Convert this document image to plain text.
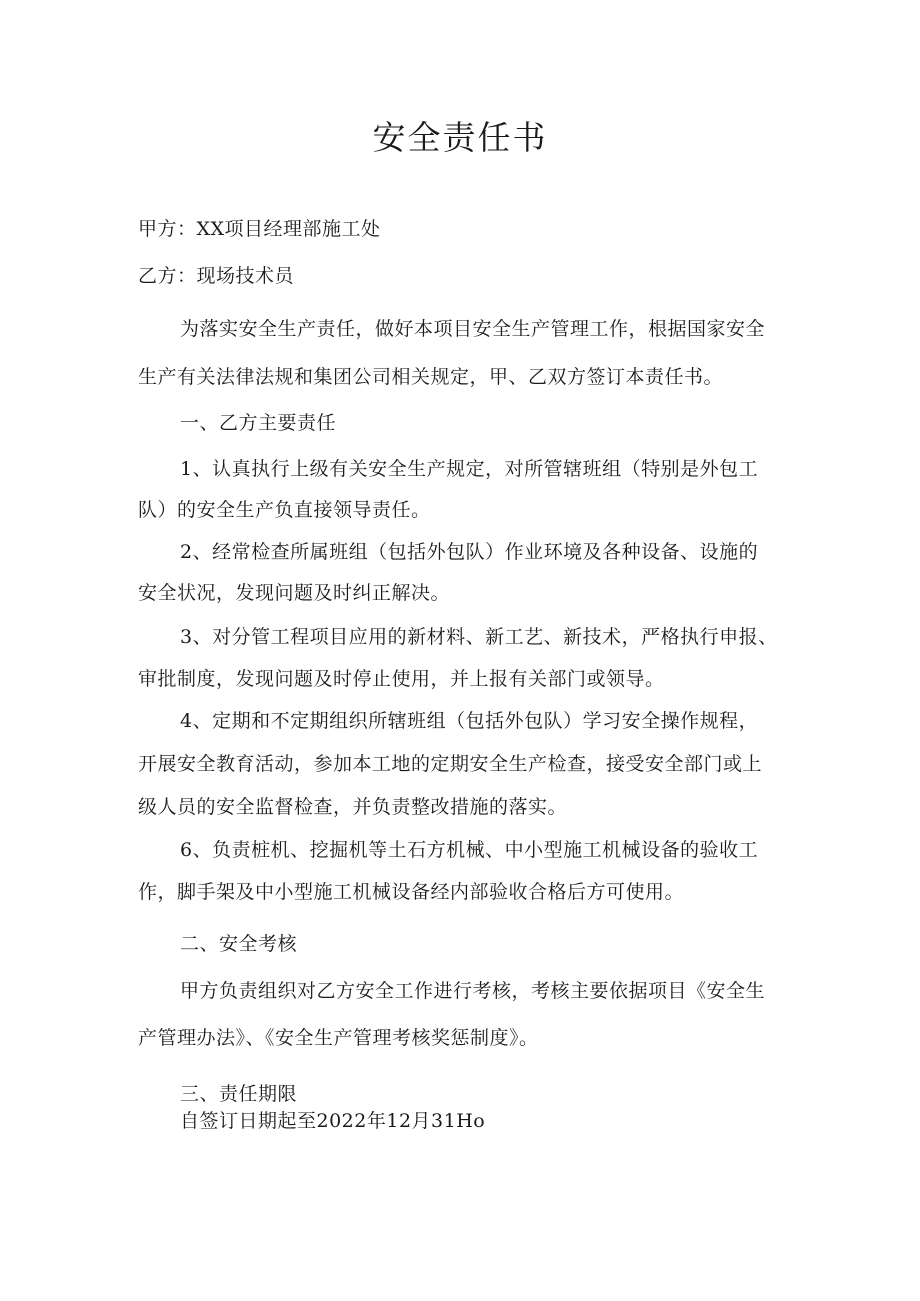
安全责任书
甲方：XX项目经理部施工处
乙方：现场技术员
为落实安全生产责任，做好本项目安全生产管理工作，根据国家安全
生产有关法律法规和集团公司相关规定，甲、乙双方签订本责任书。
一、乙方主要责任
1、认真执行上级有关安全生产规定，对所管辖班组（特别是外包工
队）的安全生产负直接领导责任。
2、经常检查所属班组（包括外包队）作业环境及各种设备、设施的
安全状况，发现问题及时纠正解决。
3、对分管工程项目应用的新材料、新工艺、新技术，严格执行申报、
审批制度，发现问题及时停止使用，并上报有关部门或领导。
4、定期和不定期组织所辖班组（包括外包队）学习安全操作规程，
开展安全教育活动，参加本工地的定期安全生产检查，接受安全部门或上
级人员的安全监督检查，并负责整改措施的落实。
6、负责桩机、挖掘机等土石方机械、中小型施工机械设备的验收工
作，脚手架及中小型施工机械设备经内部验收合格后方可使用。
二、安全考核
甲方负责组织对乙方安全工作进行考核，考核主要依据项目《安全生
产管理办法》、《安全生产管理考核奖惩制度》。
三、责任期限
自签订日期起至2022年12月31Ho
